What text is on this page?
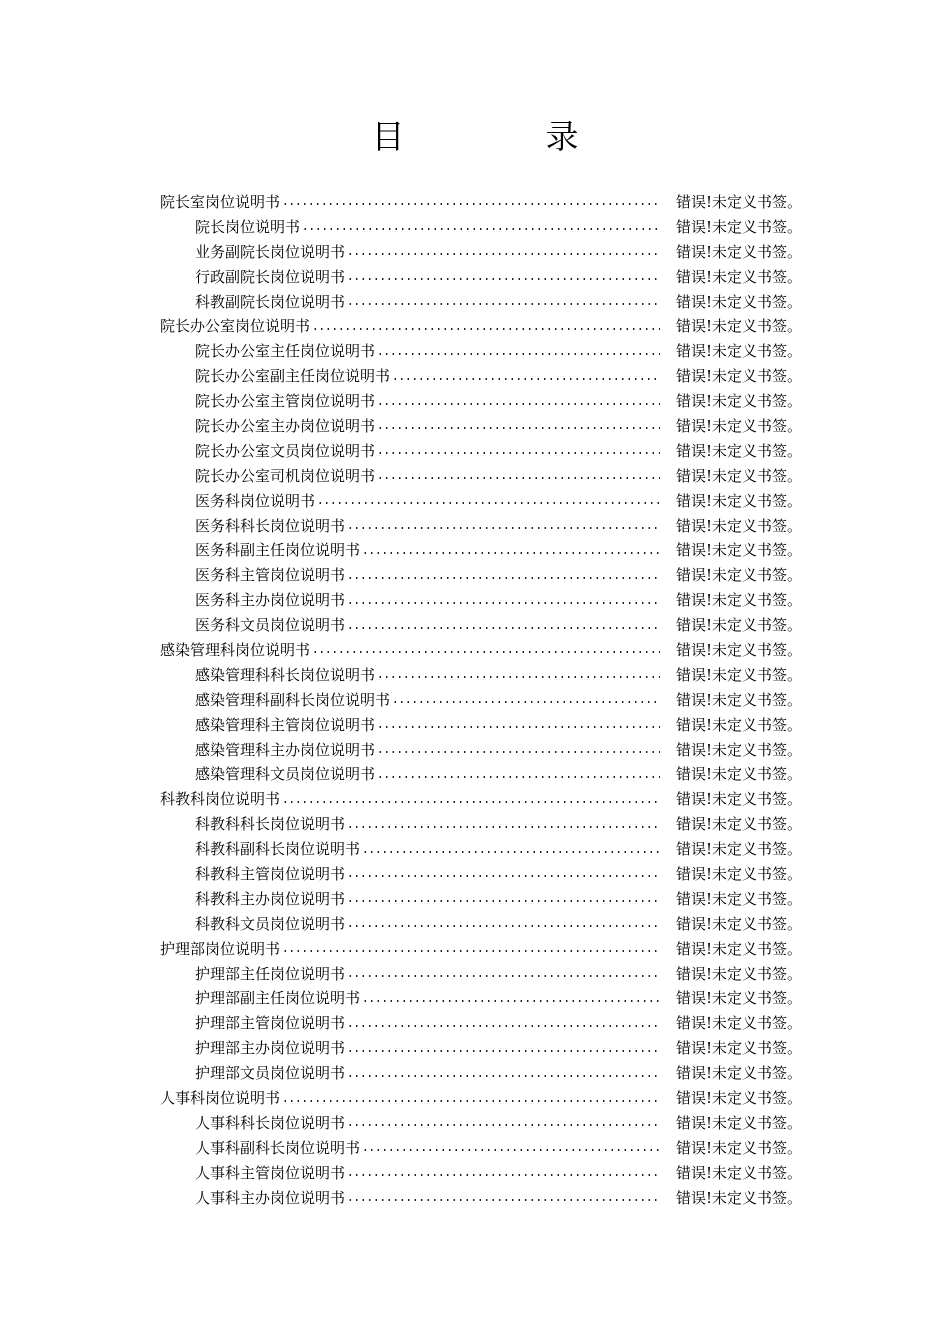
目　录
院长室岗位说明书	错误!未定义书签。
院长岗位说明书	错误!未定义书签。
业务副院长岗位说明书	错误!未定义书签。
行政副院长岗位说明书	错误!未定义书签。
科教副院长岗位说明书	错误!未定义书签。
院长办公室岗位说明书	错误!未定义书签。
院长办公室主任岗位说明书	错误!未定义书签。
院长办公室副主任岗位说明书	错误!未定义书签。
院长办公室主管岗位说明书	错误!未定义书签。
院长办公室主办岗位说明书	错误!未定义书签。
院长办公室文员岗位说明书	错误!未定义书签。
院长办公室司机岗位说明书	错误!未定义书签。
医务科岗位说明书	错误!未定义书签。
医务科科长岗位说明书	错误!未定义书签。
医务科副主任岗位说明书	错误!未定义书签。
医务科主管岗位说明书	错误!未定义书签。
医务科主办岗位说明书	错误!未定义书签。
医务科文员岗位说明书	错误!未定义书签。
感染管理科岗位说明书	错误!未定义书签。
感染管理科科长岗位说明书	错误!未定义书签。
感染管理科副科长岗位说明书	错误!未定义书签。
感染管理科主管岗位说明书	错误!未定义书签。
感染管理科主办岗位说明书	错误!未定义书签。
感染管理科文员岗位说明书	错误!未定义书签。
科教科岗位说明书	错误!未定义书签。
科教科科长岗位说明书	错误!未定义书签。
科教科副科长岗位说明书	错误!未定义书签。
科教科主管岗位说明书	错误!未定义书签。
科教科主办岗位说明书	错误!未定义书签。
科教科文员岗位说明书	错误!未定义书签。
护理部岗位说明书	错误!未定义书签。
护理部主任岗位说明书	错误!未定义书签。
护理部副主任岗位说明书	错误!未定义书签。
护理部主管岗位说明书	错误!未定义书签。
护理部主办岗位说明书	错误!未定义书签。
护理部文员岗位说明书	错误!未定义书签。
人事科岗位说明书	错误!未定义书签。
人事科科长岗位说明书	错误!未定义书签。
人事科副科长岗位说明书	错误!未定义书签。
人事科主管岗位说明书	错误!未定义书签。
人事科主办岗位说明书	错误!未定义书签。
